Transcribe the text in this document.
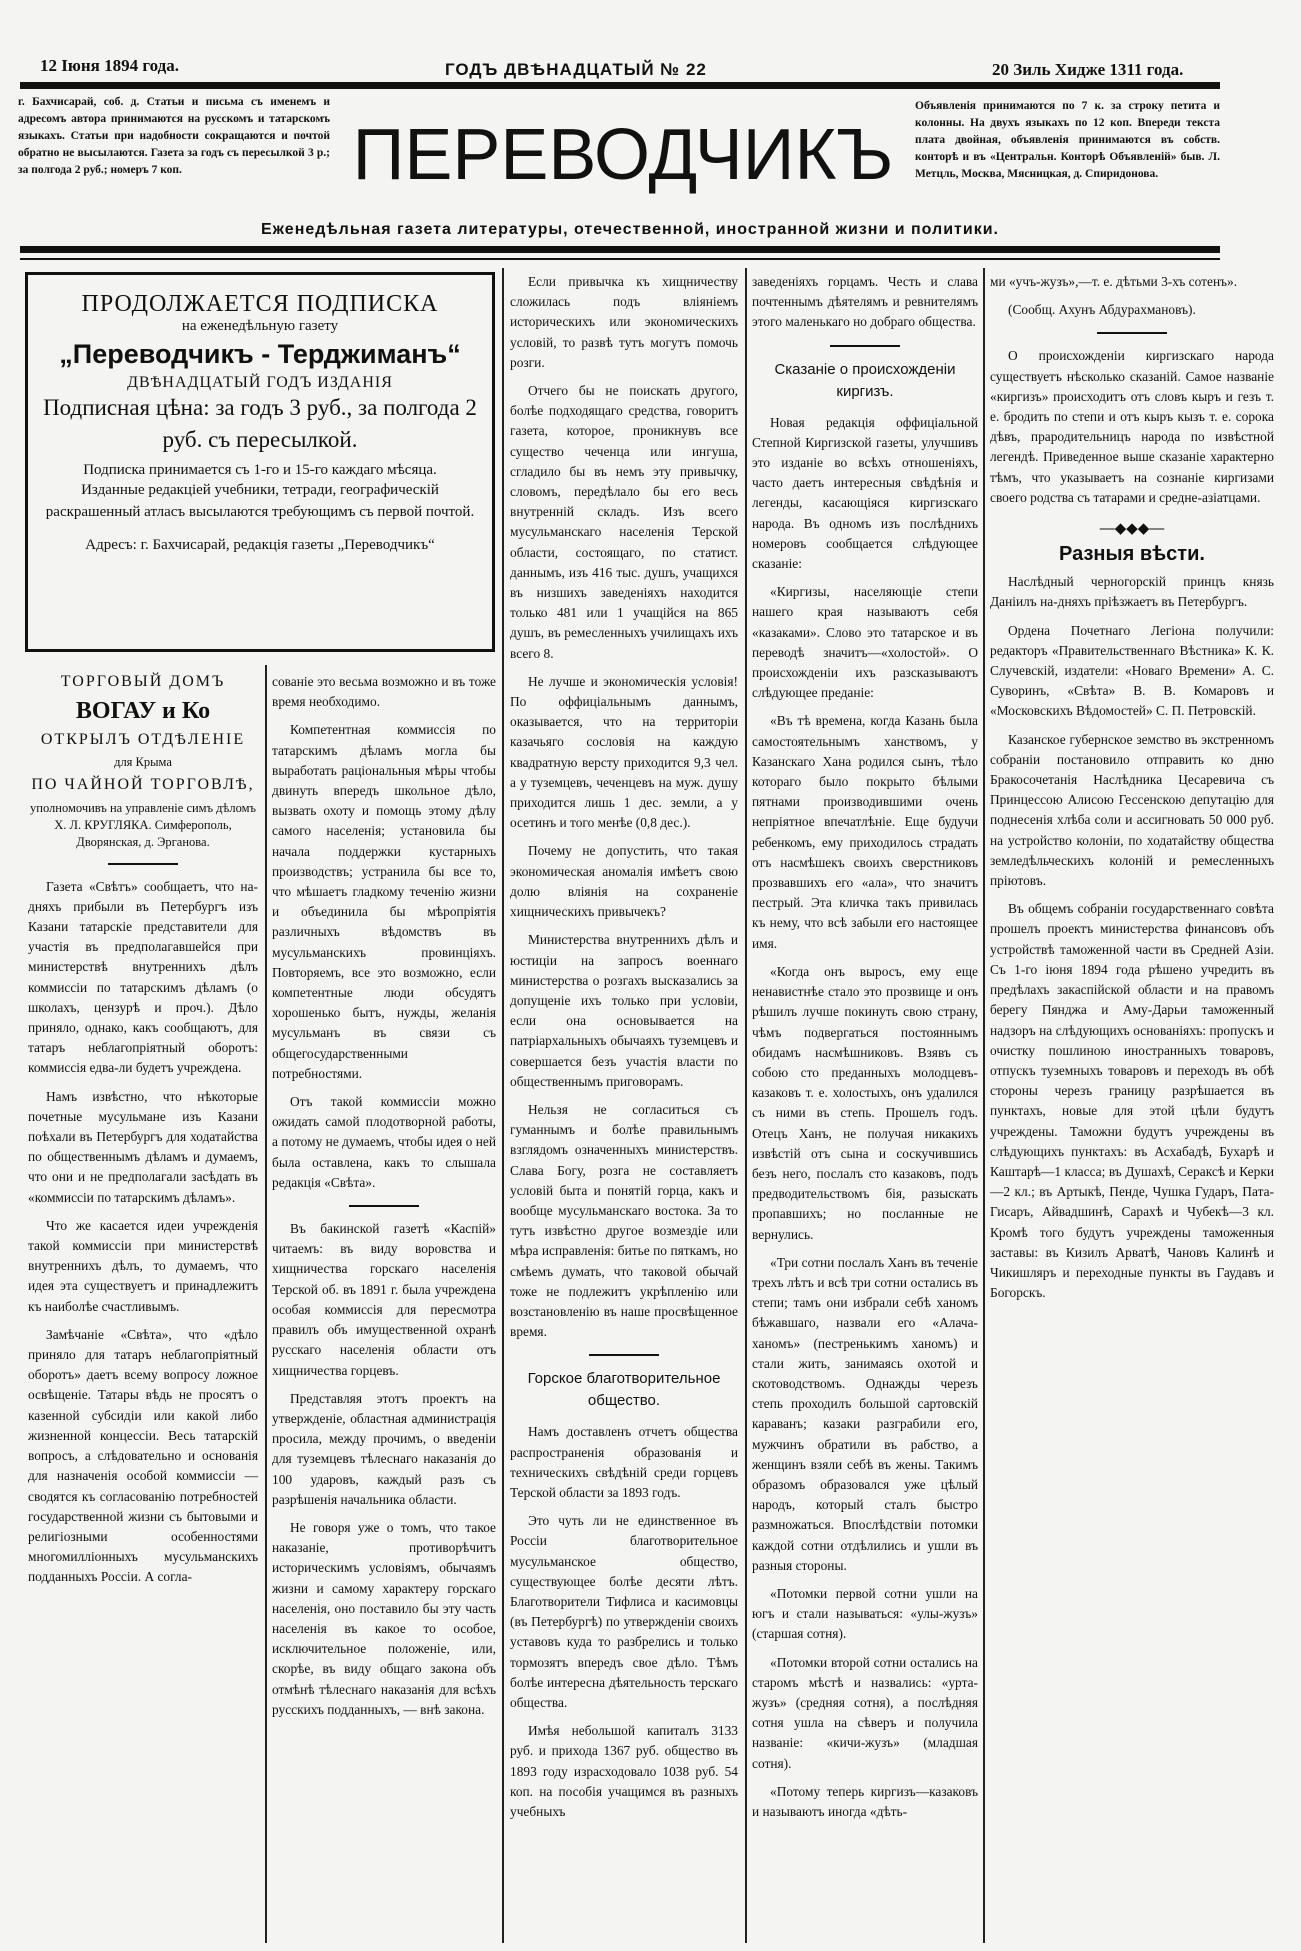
12 Іюня 1894 года.	ГОДЪ ДВѢНАДЦАТЫЙ № 22	20 Зиль Хидже 1311 года.
г. Бахчисарай, соб. д. Статьи и письма съ именемъ и адресомъ автора принимаются на русскомъ и татарскомъ языкахъ. Статьи при надобности сокращаются и почтой обратно не высылаются. Газета за годъ съ пересылкой 3 р.; за полгода 2 руб.; номеръ 7 коп.	ПЕРЕВОДЧИКЪ
Объявленія принимаются по 7 к. за строку петита и колонны. На двухъ языкахъ по 12 коп. Впереди текста плата двойная, объявленія принимаются въ собств. конторѣ и въ «Центральн. Конторѣ Объявленій» быв. Л. Метцль, Москва, Мясницкая, д. Спиридонова.
Еженедѣльная газета литературы, отечественной, иностранной жизни и политики.
ПРОДОЛЖАЕТСЯ ПОДПИСКА
на еженедѣльную газету
„Переводчикъ - Терджиманъ“
ДВѢНАДЦАТЫЙ ГОДЪ ИЗДАНІЯ
Подписная цѣна: за годъ 3 руб., за полгода 2 руб. съ пересылкой.
Подписка принимается съ 1-го и 15-го каждаго мѣсяца.
Изданные редакціей учебники, тетради, географическій раскрашенный атласъ высылаются требующимъ съ первой почтой.
Адресъ: г. Бахчисарай, редакція газеты „Переводчикъ“
ТОРГОВЫЙ ДОМЪ
ВОГАУ и Ко
ОТКРЫЛЪ ОТДѢЛЕНІЕ
для Крыма
ПО ЧАЙНОЙ ТОРГОВЛѢ,
уполномочивъ на управленіе симъ дѣломъ Х. Л. КРУГЛЯКА. Симферополь, Дворянская, д. Эрганова.
Газета «Свѣтъ» сообщаетъ, что на-дняхъ прибыли въ Петербургъ изъ Казани татарскіе представители для участія въ предполагавшейся при министерствѣ внутреннихъ дѣлъ коммиссіи по татарскимъ дѣламъ (о школахъ, цензурѣ и проч.). Дѣло приняло, однако, какъ сообщаютъ, для татаръ неблагопріятный оборотъ: коммиссія едва-ли будетъ учреждена.
Намъ извѣстно, что нѣкоторые почетные мусульмане изъ Казани поѣхали въ Петербургъ для ходатайства по общественнымъ дѣламъ и думаемъ, что они и не предполагали засѣдать въ «коммиссіи по татарскимъ дѣламъ».
Что же касается идеи учрежденія такой коммиссіи при министерствѣ внутреннихъ дѣлъ, то думаемъ, что идея эта существуетъ и принадлежитъ къ наиболѣе счастливымъ.
Замѣчаніе «Свѣта», что «дѣло приняло для татаръ неблагопріятный оборотъ» даетъ всему вопросу ложное освѣщеніе. Татары вѣдь не просятъ о казенной субсидіи или какой либо жизненной концессіи. Весь татарскій вопросъ, а слѣдовательно и основанія для назначенія особой коммиссіи — сводятся къ согласованію потребностей государственной жизни съ бытовыми и религіозными особенностями многомилліонныхъ мусульманскихъ подданныхъ Россіи. А согла-
сованіе это весьма возможно и въ тоже время необходимо.
Компетентная коммиссія по татарскимъ дѣламъ могла бы выработать раціональныя мѣры чтобы двинуть впередъ школьное дѣло, вызвать охоту и помощь этому дѣлу самого населенія; установила бы начала поддержки кустарныхъ производствъ; устранила бы все то, что мѣшаетъ гладкому теченію жизни и объединила бы мѣропріятія различныхъ вѣдомствъ въ мусульманскихъ провинціяхъ. Повторяемъ, все это возможно, если компетентные люди обсудятъ хорошенько бытъ, нужды, желанія мусульманъ въ связи съ общегосударственными потребностями.
Отъ такой коммиссіи можно ожидать самой плодотворной работы, а потому не думаемъ, чтобы идея о ней была оставлена, какъ то слышала редакція «Свѣта».
Въ бакинской газетѣ «Каспій» читаемъ: въ виду воровства и хищничества горскаго населенія Терской об. въ 1891 г. была учреждена особая коммиссія для пересмотра правилъ объ имущественной охранѣ русскаго населенія области отъ хищничества горцевъ.
Представляя этотъ проектъ на утвержденіе, областная администрація просила, между прочимъ, о введеніи для туземцевъ тѣлеснаго наказанія до 100 ударовъ, каждый разъ съ разрѣшенія начальника области.
Не говоря уже о томъ, что такое наказаніе, противорѣчитъ историческимъ условіямъ, обычаямъ жизни и самому характеру горскаго населенія, оно поставило бы эту часть населенія въ какое то особое, исключительное положеніе, или, скорѣе, въ виду общаго закона объ отмѣнѣ тѣлеснаго наказанія для всѣхъ русскихъ подданныхъ, — внѣ закона.
Если привычка къ хищничеству сложилась подъ вліяніемъ историческихъ или экономическихъ условій, то развѣ тутъ могутъ помочь розги.
Отчего бы не поискать другого, болѣе подходящаго средства, говоритъ газета, которое, проникнувъ все существо чеченца или ингуша, сгладило бы въ немъ эту привычку, словомъ, передѣлало бы его весь внутренній складъ. Изъ всего мусульманскаго населенія Терской области, состоящаго, по статист. даннымъ, изъ 416 тыс. душъ, учащихся въ низшихъ заведеніяхъ находится только 481 или 1 учащійся на 865 душъ, въ ремесленныхъ училищахъ ихъ всего 8.
Не лучше и экономическія условія! По оффиціальнымъ даннымъ, оказывается, что на территоріи казачьяго сословія на каждую квадратную версту приходится 9,3 чел. а у туземцевъ, чеченцевъ на муж. душу приходится лишь 1 дес. земли, а у осетинъ и того менѣе (0,8 дес.).
Почему не допустить, что такая экономическая аномалія имѣетъ свою долю вліянія на сохраненіе хищническихъ привычекъ?
Министерства внутреннихъ дѣлъ и юстиціи на запросъ военнаго министерства о розгахъ высказались за допущеніе ихъ только при условіи, если она основывается на патріархальныхъ обычаяхъ туземцевъ и совершается безъ участія власти по общественнымъ приговорамъ.
Нельзя не согласиться съ гуманнымъ и болѣе правильнымъ взглядомъ означенныхъ министерствъ. Слава Богу, розга не составляетъ условій быта и понятій горца, какъ и вообще мусульманскаго востока. За то тутъ извѣстно другое возмездіе или мѣра исправленія: битье по пяткамъ, но смѣемъ думать, что таковой обычай тоже не подлежитъ укрѣпленію или возстановленію въ наше просвѣщенное время.
Горское благотворительное общество.
Намъ доставленъ отчетъ общества распространенія образованія и техническихъ свѣдѣній среди горцевъ Терской области за 1893 годъ.
Это чуть ли не единственное въ Россіи благотворительное мусульманское общество, существующее болѣе десяти лѣтъ. Благотворители Тифлиса и касимовцы (въ Петербургѣ) по утвержденіи своихъ уставовъ куда то разбрелись и только тормозятъ впередъ свое дѣло. Тѣмъ болѣе интересна дѣятельность терскаго общества.
Имѣя небольшой капиталъ 3133 руб. и прихода 1367 руб. общество въ 1893 году израсходовало 1038 руб. 54 коп. на пособія учащимся въ разныхъ учебныхъ
заведеніяхъ горцамъ. Честь и слава почтеннымъ дѣятелямъ и ревнителямъ этого маленькаго но добраго общества.
Сказаніе о происхожденіи киргизъ.
Новая редакція оффиціальной Степной Киргизской газеты, улучшивъ это изданіе во всѣхъ отношеніяхъ, часто даетъ интересныя свѣдѣнія и легенды, касающіяся киргизскаго народа. Въ одномъ изъ послѣднихъ номеровъ сообщается слѣдующее сказаніе:
«Киргизы, населяющіе степи нашего края называютъ себя «казаками». Слово это татарское и въ переводѣ значитъ—«холостой». О происхожденіи ихъ разсказываютъ слѣдующее преданіе:
«Въ тѣ времена, когда Казань была самостоятельнымъ ханствомъ, у Казанскаго Хана родился сынъ, тѣло котораго было покрыто бѣлыми пятнами производившими очень непріятное впечатлѣніе. Еще будучи ребенкомъ, ему приходилось страдать отъ насмѣшекъ своихъ сверстниковъ прозвавшихъ его «ала», что значитъ пестрый. Эта кличка такъ привилась къ нему, что всѣ забыли его настоящее имя.
«Когда онъ выросъ, ему еще ненавистнѣе стало это прозвище и онъ рѣшилъ лучше покинуть свою страну, чѣмъ подвергаться постояннымъ обидамъ насмѣшниковъ. Взявъ съ собою сто преданныхъ молодцевъ-казаковъ т. е. холостыхъ, онъ удалился съ ними въ степь. Прошелъ годъ. Отецъ Ханъ, не получая никакихъ извѣстій отъ сына и соскучившись безъ него, послалъ сто казаковъ, подъ предводительствомъ бія, разыскать пропавшихъ; но посланные не вернулись.
«Три сотни послалъ Ханъ въ теченіе трехъ лѣтъ и всѣ три сотни остались въ степи; тамъ они избрали себѣ ханомъ бѣжавшаго, назвали его «Алача-ханомъ» (пестренькимъ ханомъ) и стали жить, занимаясь охотой и скотоводствомъ. Однажды черезъ степь проходилъ большой сартовскій караванъ; казаки разграбили его, мужчинъ обратили въ рабство, а женщинъ взяли себѣ въ жены. Такимъ образомъ образовался уже цѣлый народъ, который сталъ быстро размножаться. Впослѣдствіи потомки каждой сотни отдѣлились и ушли въ разныя стороны.
«Потомки первой сотни ушли на югъ и стали называться: «улы-жузъ» (старшая сотня).
«Потомки второй сотни остались на старомъ мѣстѣ и назвались: «урта-жузъ» (средняя сотня), а послѣдняя сотня ушла на сѣверъ и получила названіе: «кичи-жузъ» (младшая сотня).
«Потому теперь киргизъ—казаковъ и называютъ иногда «дѣть-
ми «учъ-жузъ»,—т. е. дѣтьми 3-хъ сотенъ».
(Сообщ. Ахунъ Абдурахмановъ).
О происхожденіи киргизскаго народа существуетъ нѣсколько сказаній. Самое названіе «киргизъ» происходитъ отъ словъ кыръ и гезъ т. е. бродить по степи и отъ кыръ кызъ т. е. сорока дѣвъ, прародительницъ народа по извѣстной легендѣ. Приведенное выше сказаніе характерно тѣмъ, что указываетъ на сознаніе киргизами своего родства съ татарами и средне-азіатцами.
—◆◆◆—
Разныя вѣсти.
Наслѣдный черногорскій принцъ князь Даніилъ на-дняхъ пріѣзжаетъ въ Петербургъ.
Ордена Почетнаго Легіона получили: редакторъ «Правительственнаго Вѣстника» К. К. Случевскій, издатели: «Новаго Времени» А. С. Суворинъ, «Свѣта» В. В. Комаровъ и «Московскихъ Вѣдомостей» С. П. Петровскій.
Казанское губернское земство въ экстренномъ собраніи постановило отправить ко дню Бракосочетанія Наслѣдника Цесаревича съ Принцессою Алисою Гессенскою депутацію для поднесенія хлѣба соли и ассигновать 50 000 руб. на устройство колоніи, по ходатайству общества земледѣльческихъ колоній и ремесленныхъ пріютовъ.
Въ общемъ собраніи государственнаго совѣта прошелъ проектъ министерства финансовъ объ устройствѣ таможенной части въ Средней Азіи. Съ 1-го іюня 1894 года рѣшено учредить въ предѣлахъ закаспійской области и на правомъ берегу Пянджа и Аму-Дарьи таможенный надзоръ на слѣдующихъ основаніяхъ: пропускъ и очистку пошлиною иностранныхъ товаровъ, отпускъ туземныхъ товаровъ и переходъ въ обѣ стороны черезъ границу разрѣшается въ пунктахъ, новые для этой цѣли будутъ учреждены. Таможни будутъ учреждены въ слѣдующихъ пунктахъ: въ Асхабадѣ, Бухарѣ и Каштарѣ—1 класса; въ Душахѣ, Сераксѣ и Керки—2 кл.; въ Артыкѣ, Пенде, Чушка Гударъ, Пата-Гисаръ, Айвадшинѣ, Сарахѣ и Чубекѣ—3 кл. Кромѣ того будутъ учреждены таможенныя заставы: въ Кизилъ Арватѣ, Чановъ Калинѣ и Чикишляръ и переходные пункты въ Гаудавъ и Богорскъ.
